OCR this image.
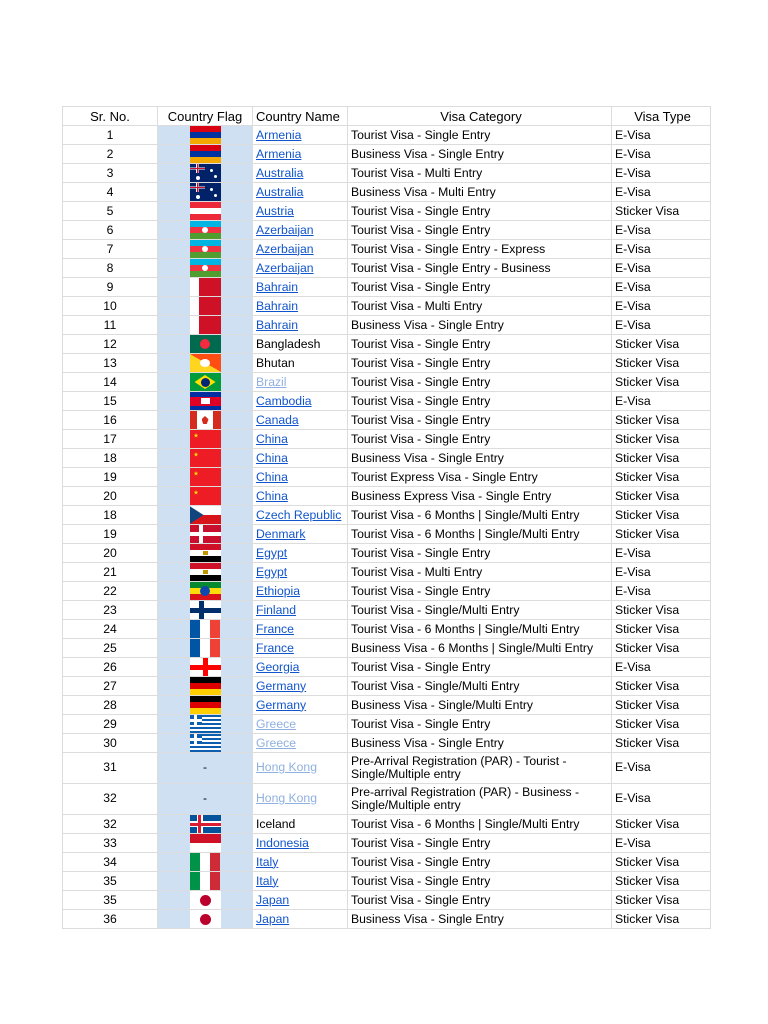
Sr. No.	Country Flag	Country Name	Visa Category	Visa Type
1		Armenia	Tourist Visa - Single Entry	E-Visa
2		Armenia	Business Visa - Single Entry	E-Visa
3		Australia	Tourist Visa - Multi Entry	E-Visa
4		Australia	Business Visa - Multi Entry	E-Visa
5		Austria	Tourist Visa - Single Entry	Sticker Visa
6		Azerbaijan	Tourist Visa - Single Entry	E-Visa
7		Azerbaijan	Tourist Visa - Single Entry - Express	E-Visa
8		Azerbaijan	Tourist Visa - Single Entry - Business	E-Visa
9		Bahrain	Tourist Visa - Single Entry	E-Visa
10		Bahrain	Tourist Visa - Multi Entry	E-Visa
11		Bahrain	Business Visa - Single Entry	E-Visa
12		Bangladesh	Tourist Visa - Single Entry	Sticker Visa
13		Bhutan	Tourist Visa - Single Entry	Sticker Visa
14		Brazil	Tourist Visa - Single Entry	Sticker Visa
15		Cambodia	Tourist Visa - Single Entry	E-Visa
16		Canada	Tourist Visa - Single Entry	Sticker Visa
17		China	Tourist Visa - Single Entry	Sticker Visa
18		China	Business Visa - Single Entry	Sticker Visa
19		China	Tourist Express Visa - Single Entry	Sticker Visa
20		China	Business Express Visa - Single Entry	Sticker Visa
18		Czech Republic	Tourist Visa - 6 Months | Single/Multi Entry	Sticker Visa
19		Denmark	Tourist Visa - 6 Months | Single/Multi Entry	Sticker Visa
20		Egypt	Tourist Visa - Single Entry	E-Visa
21		Egypt	Tourist Visa - Multi Entry	E-Visa
22		Ethiopia	Tourist Visa - Single Entry	E-Visa
23		Finland	Tourist Visa - Single/Multi Entry	Sticker Visa
24		France	Tourist Visa - 6 Months | Single/Multi Entry	Sticker Visa
25		France	Business Visa - 6 Months | Single/Multi Entry	Sticker Visa
26		Georgia	Tourist Visa - Single Entry	E-Visa
27		Germany	Tourist Visa - Single/Multi Entry	Sticker Visa
28		Germany	Business Visa - Single/Multi Entry	Sticker Visa
29		Greece	Tourist Visa - Single Entry	Sticker Visa
30		Greece	Business Visa - Single Entry	Sticker Visa
31	-	Hong Kong	Pre-Arrival Registration (PAR) - Tourist - Single/Multiple entry	E-Visa
32	-	Hong Kong	Pre-arrival Registration (PAR) - Business - Single/Multiple entry	E-Visa
32		Iceland	Tourist Visa - 6 Months | Single/Multi Entry	Sticker Visa
33		Indonesia	Tourist Visa - Single Entry	E-Visa
34		Italy	Tourist Visa - Single Entry	Sticker Visa
35		Italy	Tourist Visa - Single Entry	Sticker Visa
35		Japan	Tourist Visa - Single Entry	Sticker Visa
36		Japan	Business Visa - Single Entry	Sticker Visa
